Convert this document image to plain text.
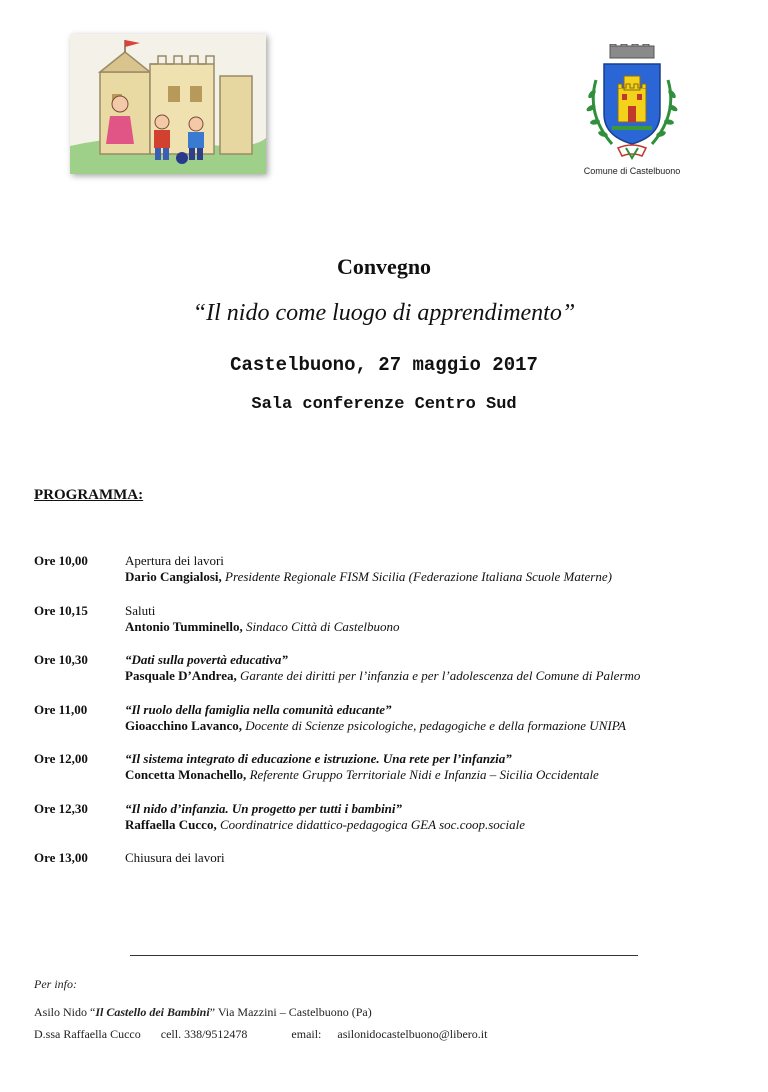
Comune di Castelbuono
Convegno
“Il nido come luogo di apprendimento”
Castelbuono, 27 maggio 2017
Sala conferenze Centro Sud
PROGRAMMA:
Ore 10,00	Apertura dei lavori
Dario Cangialosi, Presidente Regionale FISM Sicilia (Federazione Italiana Scuole Materne)
Ore 10,15	Saluti
Antonio Tumminello, Sindaco Città di Castelbuono
Ore 10,30	“Dati sulla povertà educativa”
Pasquale D’Andrea, Garante dei diritti per l’infanzia e per l’adolescenza del Comune di Palermo
Ore 11,00	“Il ruolo della famiglia nella comunità educante”
Gioacchino Lavanco, Docente di Scienze psicologiche, pedagogiche e della formazione UNIPA
Ore 12,00	“Il sistema integrato di educazione e istruzione. Una rete per l’infanzia”
Concetta Monachello, Referente Gruppo Territoriale Nidi e Infanzia – Sicilia Occidentale
Ore 12,30	“Il nido d’infanzia. Un progetto per tutti i bambini”
Raffaella Cucco, Coordinatrice didattico-pedagogica GEA soc.coop.sociale
Ore 13,00	Chiusura dei lavori
Per info:
Asilo Nido “Il Castello dei Bambini” Via Mazzini – Castelbuono (Pa)
D.ssa Raffaella Cucco cell. 338/9512478	email: asilonidocastelbuono@libero.it
